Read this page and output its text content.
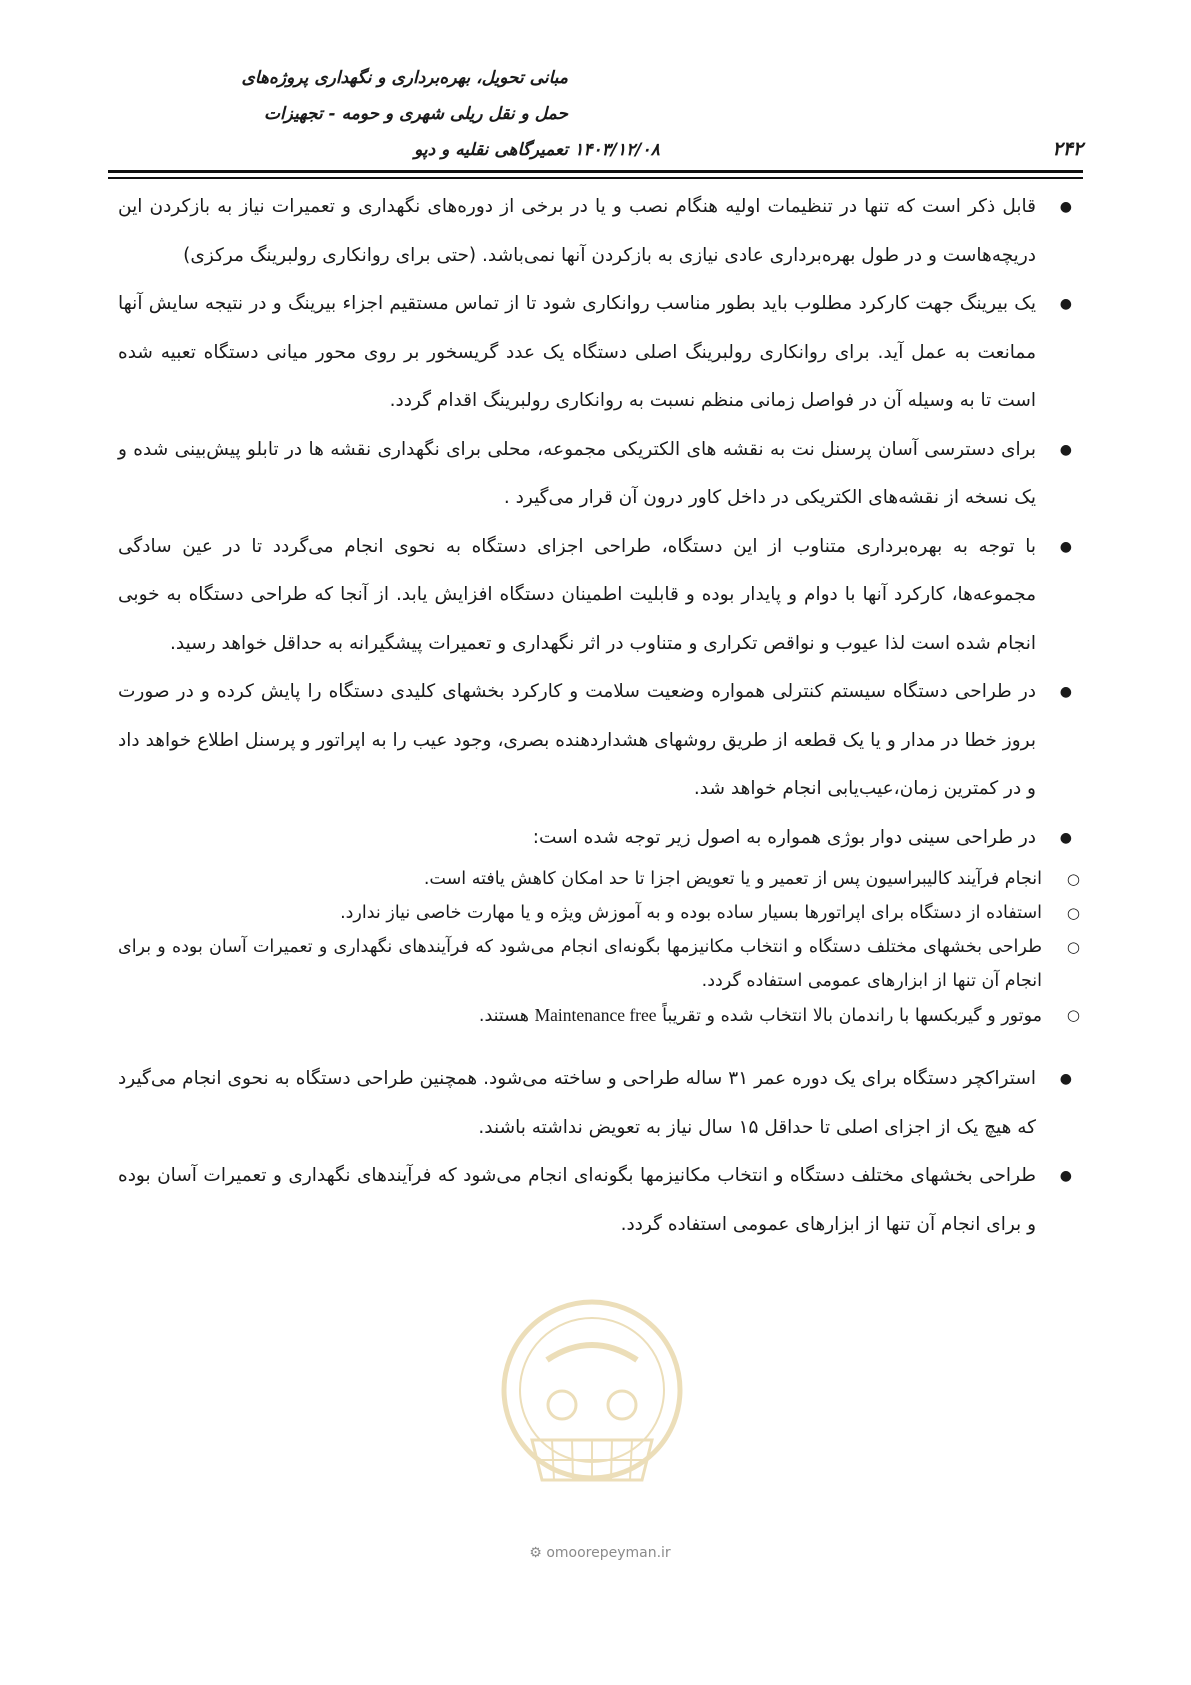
۲۴۲
۱۴۰۳/۱۲/۰۸
مبانی تحویل، بهره‌برداری و نگهداری پروژه‌های
حمل و نقل ریلی شهری و حومه - تجهیزات
تعمیرگاهی نقلیه و دپو
●

قابل ذکر است که تنها در تنظیمات اولیه هنگام نصب و یا در برخی از دوره‌های نگهداری و تعمیرات نیاز به بازکردن این دریچه‌هاست و در طول بهره‌برداری عادی نیازی به بازکردن آنها نمی‌باشد. (حتی برای روانکاری رولبرینگ مرکزی)

●

یک بیرینگ جهت کارکرد مطلوب باید بطور مناسب روانکاری شود تا از تماس مستقیم اجزاء بیرینگ و در نتیجه سایش آنها ممانعت به عمل آید. برای روانکاری رولبرینگ اصلی دستگاه یک عدد گریسخور بر روی محور میانی دستگاه تعبیه شده است تا به وسیله آن در فواصل زمانی منظم نسبت به روانکاری رولبرینگ اقدام گردد.

●

برای دسترسی آسان پرسنل نت به نقشه های الکتریکی مجموعه، محلی برای نگهداری نقشه ها در تابلو پیش‌بینی شده و یک نسخه از نقشه‌های الکتریکی در داخل کاور درون آن قرار می‌گیرد .

●

با توجه به بهره‌برداری متناوب از این دستگاه، طراحی اجزای دستگاه به نحوی انجام می‌گردد تا در عین سادگی مجموعه‌ها، کارکرد آنها با دوام و پایدار بوده و قابلیت اطمینان دستگاه افزایش یابد. از آنجا که طراحی دستگاه به خوبی انجام شده است لذا عیوب و نواقص تکراری و متناوب در اثر نگهداری و تعمیرات پیشگیرانه به حداقل خواهد رسید.

●

در طراحی دستگاه سیستم کنترلی همواره وضعیت سلامت و کارکرد بخشهای کلیدی دستگاه را پایش کرده و در صورت بروز خطا در مدار و یا یک قطعه از طریق روشهای هشداردهنده بصری، وجود عیب را به اپراتور و پرسنل اطلاع خواهد داد و در کمترین زمان،عیب‌یابی انجام خواهد شد.

●

در طراحی سینی دوار بوژی همواره به اصول زیر توجه شده است:

○

انجام فرآیند کالیبراسیون پس از تعمیر و یا تعویض اجزا تا حد امکان کاهش یافته است.

○

استفاده از دستگاه برای اپراتورها بسیار ساده بوده و به آموزش ویژه و یا مهارت خاصی نیاز ندارد.

○

طراحی بخشهای مختلف دستگاه و انتخاب مکانیزمها بگونه‌ای انجام می‌شود که فرآیندهای نگهداری و تعمیرات آسان بوده و برای انجام آن تنها از ابزارهای عمومی استفاده گردد.

○

موتور و گیربکسها با راندمان بالا انتخاب شده و تقریباً Maintenance free هستند.

●

استراکچر دستگاه برای یک دوره عمر ۳۱ ساله طراحی و ساخته می‌شود. همچنین طراحی دستگاه به نحوی انجام می‌گیرد که هیچ یک از اجزای اصلی تا حداقل ۱۵ سال نیاز به تعویض نداشته باشند.

●

طراحی بخشهای مختلف دستگاه و انتخاب مکانیزمها بگونه‌ای انجام می‌شود که فرآیندهای نگهداری و تعمیرات آسان بوده و برای انجام آن تنها از ابزارهای عمومی استفاده گردد.

⚙ omoorepeyman.ir
